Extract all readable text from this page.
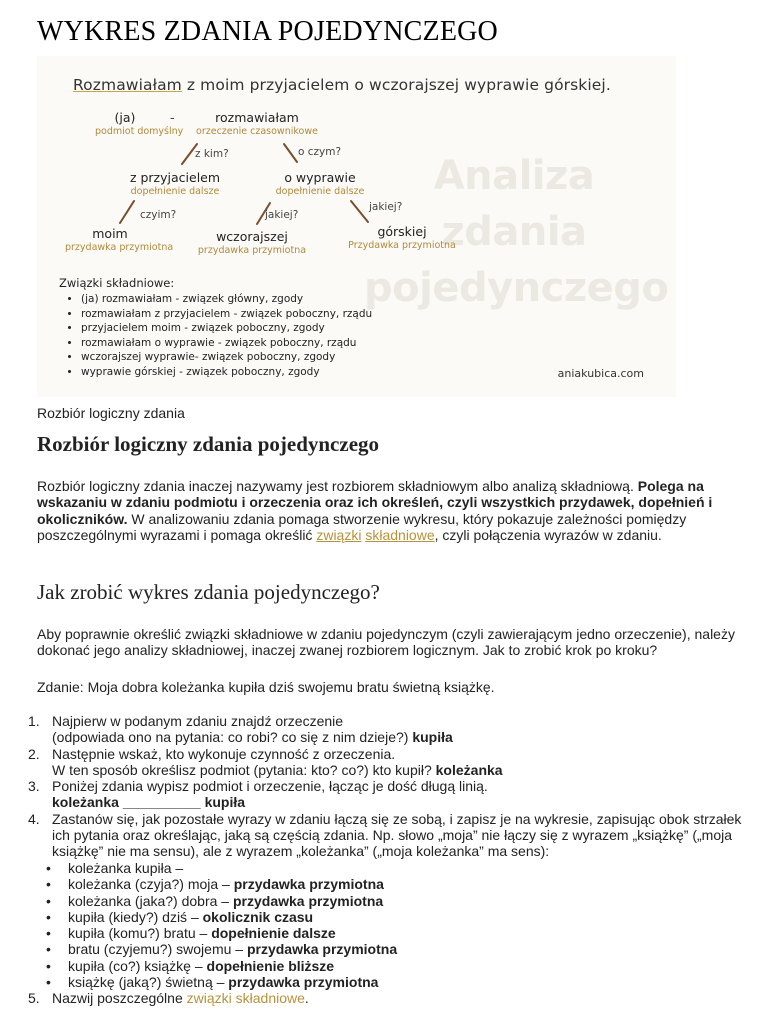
WYKRES ZDANIA POJEDYNCZEGO
Analiza
zdania
pojedynczego
Rozmawiałam z moim przyjacielem o wczorajszej wyprawie górskiej.
(ja)
podmiot domyślny
-	rozmawiałam
orzeczenie czasownikowe
z kim?	o czym?
z przyjacielem
dopełnienie dalsze
o wyprawie
dopełnienie dalsze
czyim?	jakiej?
jakiej?
moim
przydawka przymiotna
wczorajszej
przydawka przymiotna
górskiej
Przydawka przymiotna
Związki składniowe:
• (ja) rozmawiałam - związek główny, zgody
• rozmawiałam z przyjacielem - związek poboczny, rządu
• przyjacielem moim - związek poboczny, zgody
• rozmawiałam o wyprawie - związek poboczny, rządu
• wczorajszej wyprawie- związek poboczny, zgody
• wyprawie górskiej - związek poboczny, zgody	aniakubica.com
Rozbiór logiczny zdania
Rozbiór logiczny zdania pojedynczego

Rozbiór logiczny zdania inaczej nazywamy jest rozbiorem składniowym albo analizą składniową. Polega na wskazaniu w zdaniu podmiotu i orzeczenia oraz ich określeń, czyli wszystkich przydawek, dopełnień i okoliczników. W analizowaniu zdania pomaga stworzenie wykresu, który pokazuje zależności pomiędzy poszczególnymi wyrazami i pomaga określić związki składniowe, czyli połączenia wyrazów w zdaniu.

Jak zrobić wykres zdania pojedynczego?

Aby poprawnie określić związki składniowe w zdaniu pojedynczym (czyli zawierającym jedno orzeczenie), należy dokonać jego analizy składniowej, inaczej zwanej rozbiorem logicznym. Jak to zrobić krok po kroku?

Zdanie: Moja dobra koleżanka kupiła dziś swojemu bratu świetną książkę.

1. Najpierw w podanym zdaniu znajdź orzeczenie
(odpowiada ono na pytania: co robi? co się z nim dzieje?) kupiła
2. Następnie wskaż, kto wykonuje czynność z orzeczenia.
W ten sposób określisz podmiot (pytania: kto? co?) kto kupił? koleżanka
3. Poniżej zdania wypisz podmiot i orzeczenie, łącząc je dość długą linią.
koleżanka __________ kupiła
4. Zastanów się, jak pozostałe wyrazy w zdaniu łączą się ze sobą, i zapisz je na wykresie, zapisując obok strzałek ich pytania oraz określając, jaką są częścią zdania. Np. słowo „moja” nie łączy się z wyrazem „książkę” („moja książkę” nie ma sensu), ale z wyrazem „koleżanka” („moja koleżanka” ma sens):
• koleżanka kupiła –
• koleżanka (czyja?) moja – przydawka przymiotna
• koleżanka (jaka?) dobra – przydawka przymiotna
• kupiła (kiedy?) dziś – okolicznik czasu
• kupiła (komu?) bratu – dopełnienie dalsze
• bratu (czyjemu?) swojemu – przydawka przymiotna
• kupiła (co?) książkę – dopełnienie bliższe
• książkę (jaką?) świetną – przydawka przymiotna
5. Nazwij poszczególne związki składniowe.
